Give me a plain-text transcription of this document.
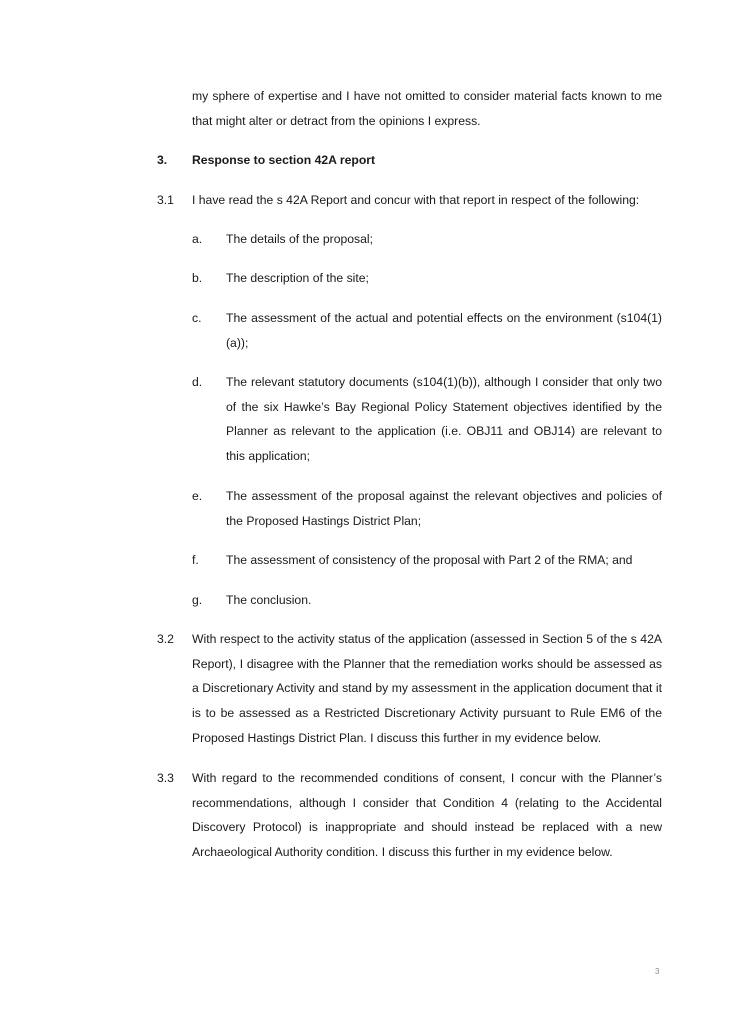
my sphere of expertise and I have not omitted to consider material facts known to me that might alter or detract from the opinions I express.
3. Response to section 42A report
3.1 I have read the s 42A Report and concur with that report in respect of the following:
a. The details of the proposal;
b. The description of the site;
c. The assessment of the actual and potential effects on the environment (s104(1)(a));
d. The relevant statutory documents (s104(1)(b)), although I consider that only two of the six Hawke’s Bay Regional Policy Statement objectives identified by the Planner as relevant to the application (i.e. OBJ11 and OBJ14) are relevant to this application;
e. The assessment of the proposal against the relevant objectives and policies of the Proposed Hastings District Plan;
f. The assessment of consistency of the proposal with Part 2 of the RMA; and
g. The conclusion.
3.2 With respect to the activity status of the application (assessed in Section 5 of the s 42A Report), I disagree with the Planner that the remediation works should be assessed as a Discretionary Activity and stand by my assessment in the application document that it is to be assessed as a Restricted Discretionary Activity pursuant to Rule EM6 of the Proposed Hastings District Plan. I discuss this further in my evidence below.
3.3 With regard to the recommended conditions of consent, I concur with the Planner’s recommendations, although I consider that Condition 4 (relating to the Accidental Discovery Protocol) is inappropriate and should instead be replaced with a new Archaeological Authority condition. I discuss this further in my evidence below.
3
